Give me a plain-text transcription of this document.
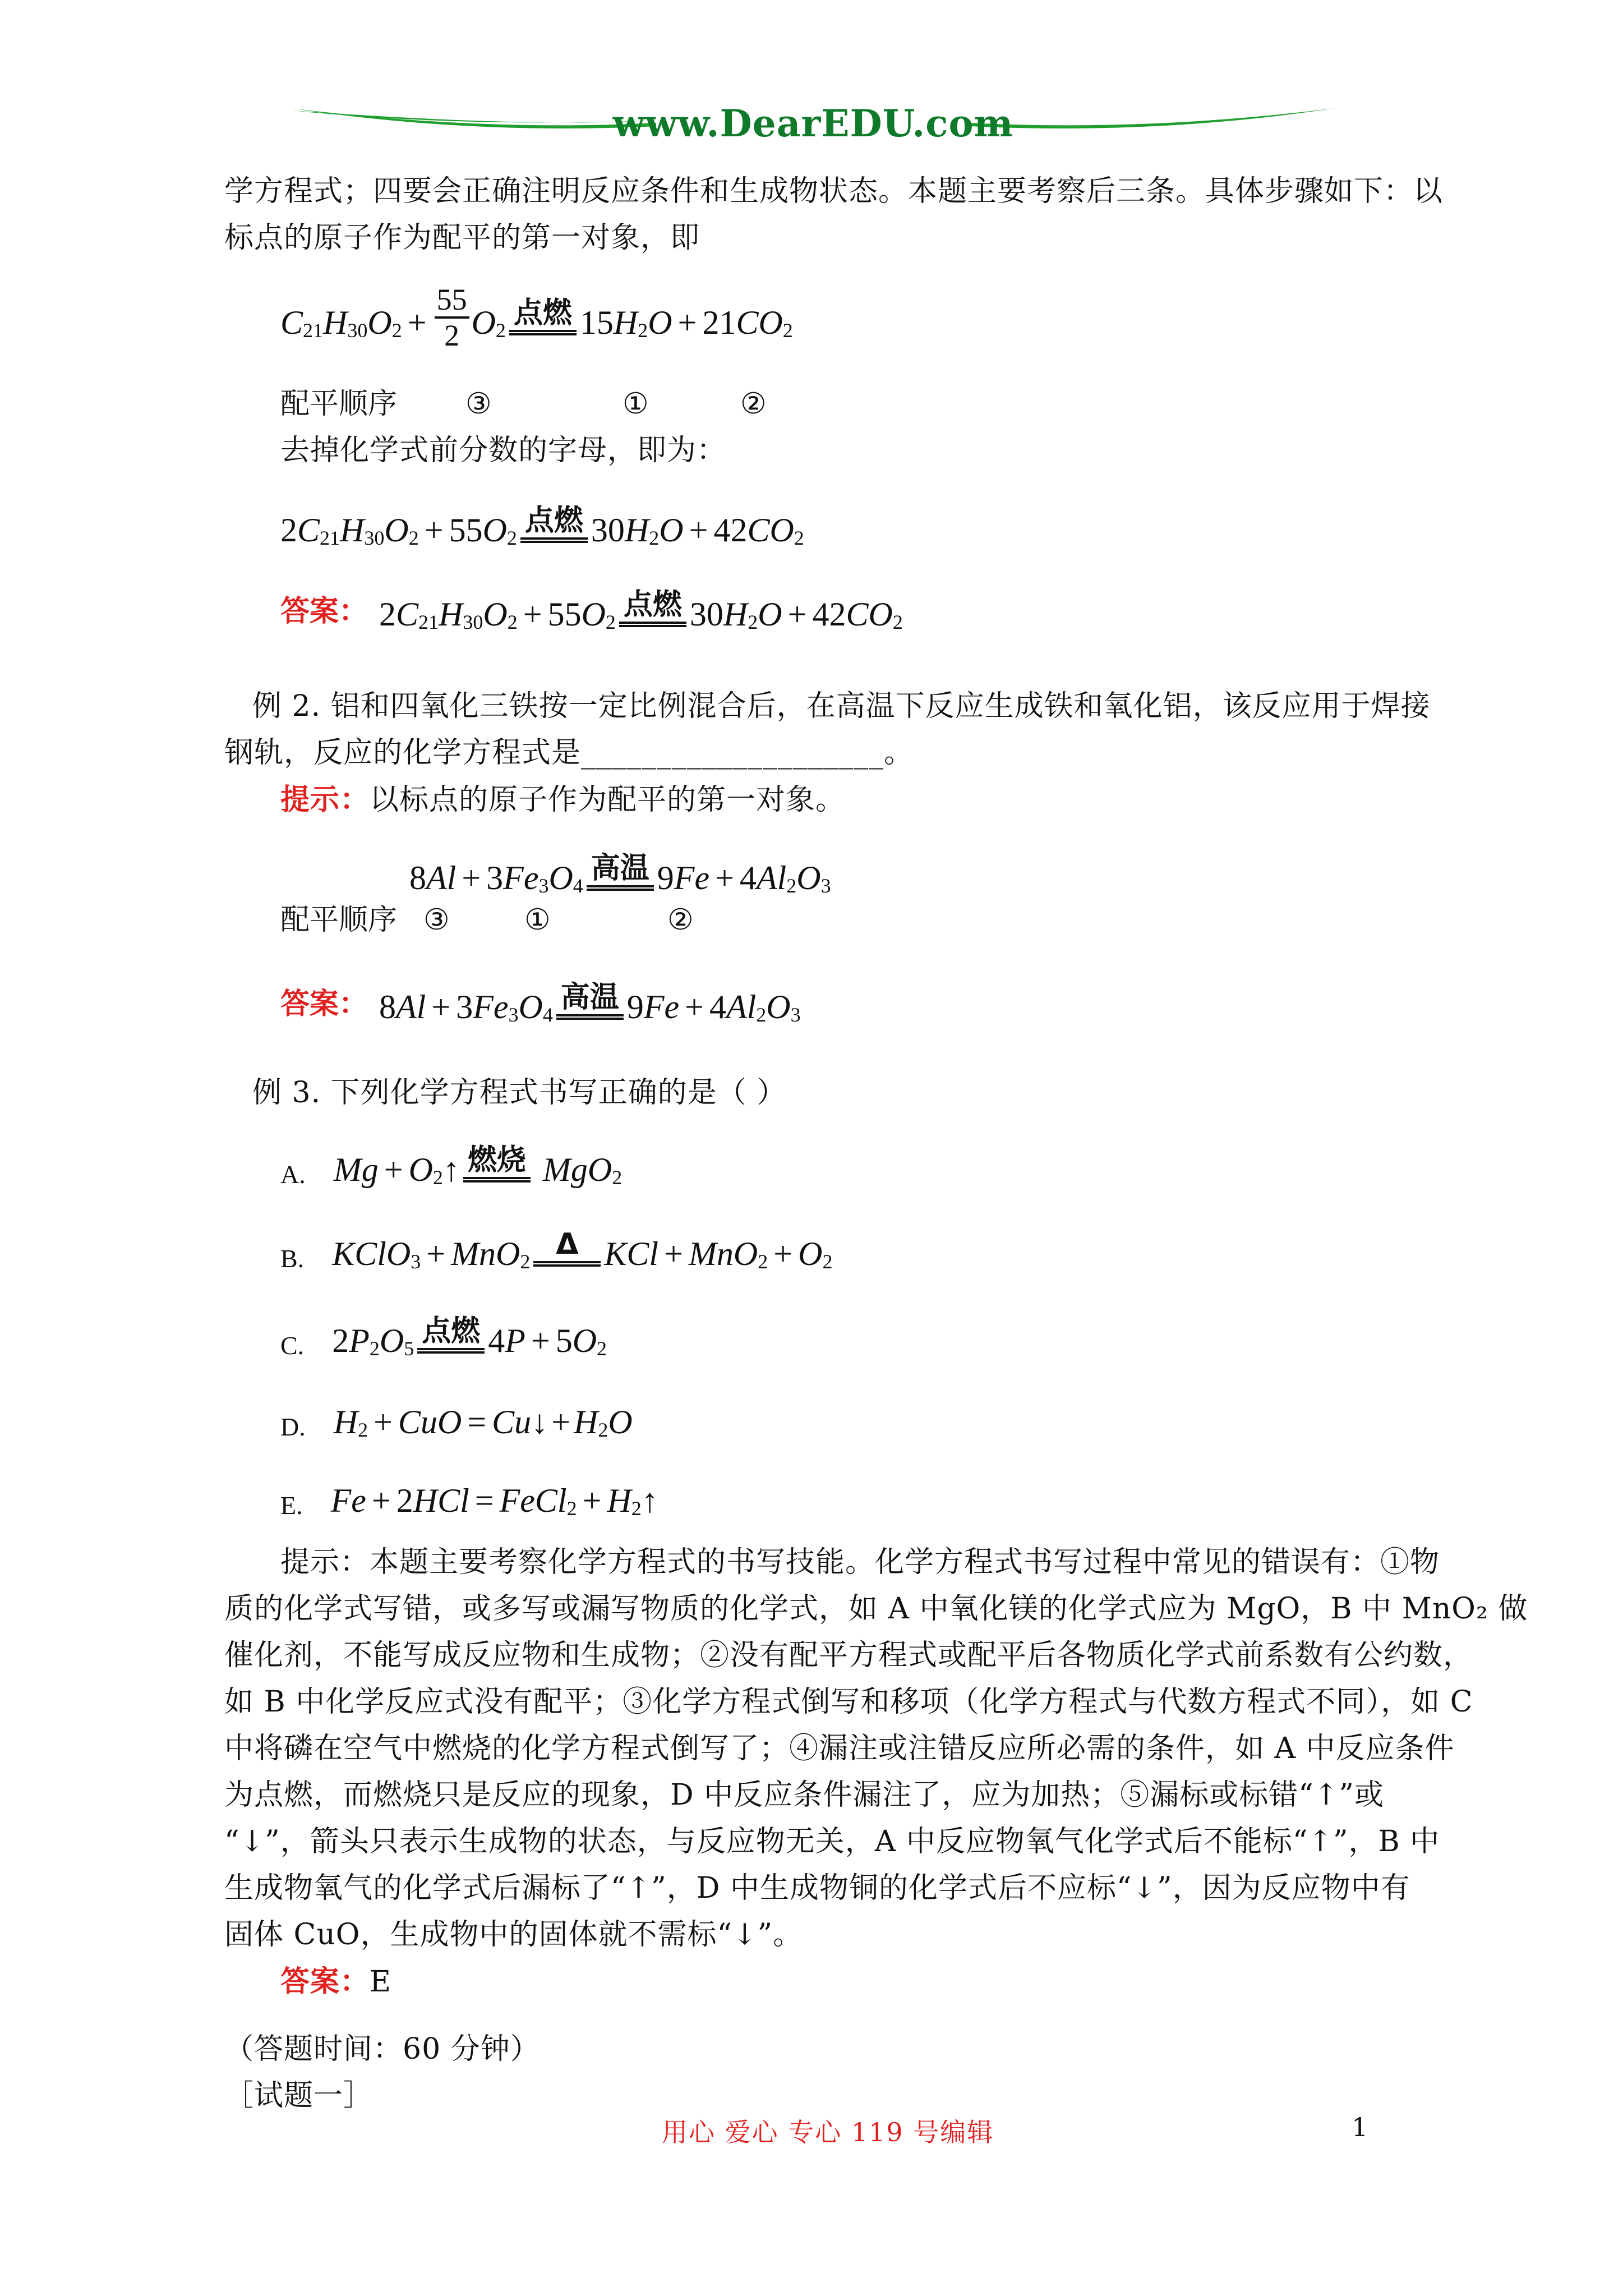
www.DearEDU.com
学方程式；四要会正确注明反应条件和生成物状态。本题主要考察后三条。具体步骤如下：以
标点的原子作为配平的第一对象，即
$C_{21}$ $H_{30}$ $O_2 + \frac{55}{2} O_2$
点燃 15 $H_2$ O + 21 $CO_2$
配平顺序 ③	①	②
去掉化学式前分数的字母，即为：
2 $C_{21}$ $H_{30}$ $O_2 + 55$ $O_2$
点燃 30 $H_2$ O + 42 $CO_2$
答案： 2 $C_{21}$ $H_{30}$ $O_2 + 55$ $O_2$
点燃 30 $H_2$ O + 42 $CO_2$
例 2. 铝和四氧化三铁按一定比例混合后，在高温下反应生成铁和氧化铝，该反应用于焊接
钢轨，反应的化学方程式是____________________。
提示：以标点的原子作为配平的第一对象。
8 Al + 3 $Fe_3$ $O_4$
高温 9 Fe + 4 $Al_2$ $O_3$
配平顺序 ③	①	②
答案： 8 Al + 3 $Fe_3$ $O_4$
高温 9 Fe + 4 $Al_2$ $O_3$
例 3. 下列化学方程式书写正确的是（ ）
A. $Mg + O_2$ ↑ 燃烧 MgO$_2$
B. KClO$_3$ + MnO$_2$
Δ KCl + $MnO_2 + O_2$
C. 2 $P_2$ $O_5$
点燃 4 P + 5 $O_2$
D. $H_2$ + CuO = Cu ↓ + $H_2$ O
E. Fe + 2 HCl = FeCl$_2$ + $H_2$ ↑
提示：本题主要考察化学方程式的书写技能。化学方程式书写过程中常见的错误有：①物
质的化学式写错，或多写或漏写物质的化学式，如 A 中氧化镁的化学式应为 MgO，B 中 MnO₂ 做
催化剂，不能写成反应物和生成物；②没有配平方程式或配平后各物质化学式前系数有公约数，
如 B 中化学反应式没有配平；③化学方程式倒写和移项（化学方程式与代数方程式不同），如 C
中将磷在空气中燃烧的化学方程式倒写了；④漏注或注错反应所必需的条件，如 A 中反应条件
为点燃，而燃烧只是反应的现象，D 中反应条件漏注了，应为加热；⑤漏标或标错“↑”或
“↓”，箭头只表示生成物的状态，与反应物无关，A 中反应物氧气化学式后不能标“↑”，B 中
生成物氧气的化学式后漏标了“↑”，D 中生成物铜的化学式后不应标“↓”，因为反应物中有
固体 CuO，生成物中的固体就不需标“↓”。
答案：E
（答题时间：60 分钟）
［试题一］
用心 爱心 专心 119 号编辑	1
